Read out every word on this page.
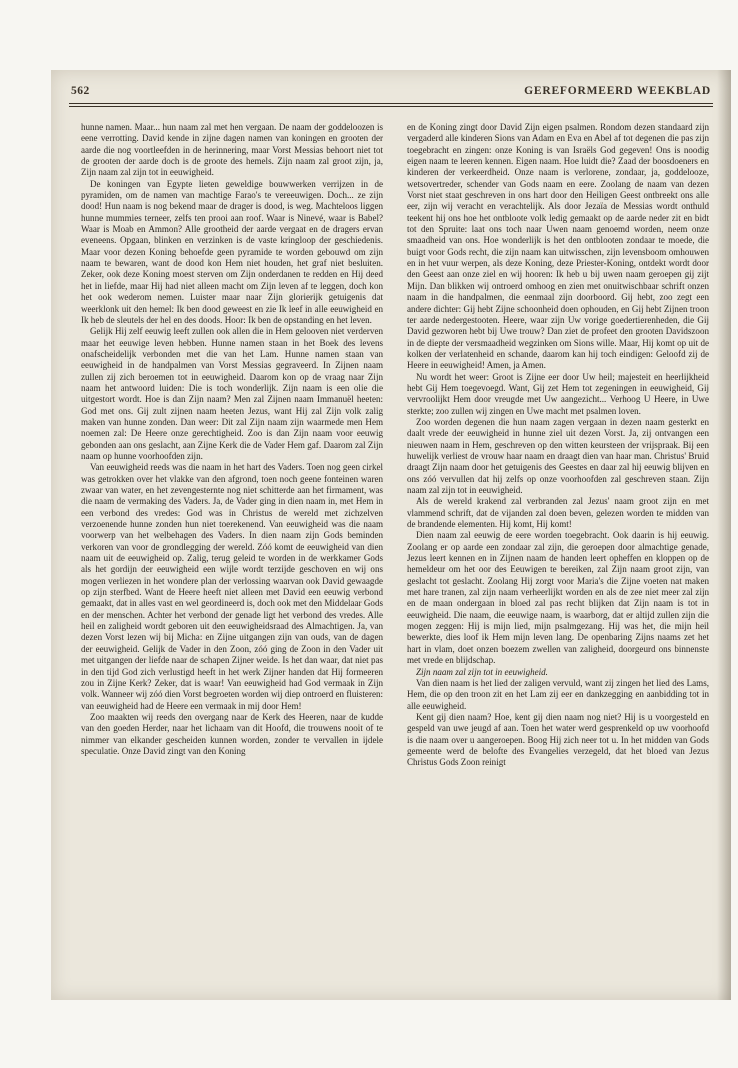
562	GEREFORMEERD WEEKBLAD

hunne namen. Maar... hun naam zal met hen vergaan. De naam der goddeloozen is eene verrotting. David kende in zijne dagen namen van koningen en grooten der aarde die nog voortleefden in de herinnering, maar Vorst Messias behoort niet tot de grooten der aarde doch is de groote des hemels. Zijn naam zal groot zijn, ja, Zijn naam zal zijn tot in eeuwigheid.

De koningen van Egypte lieten geweldige bouwwerken verrijzen in de pyramiden, om de namen van machtige Farao's te vereeuwigen. Doch... ze zijn dood! Hun naam is nog bekend maar de drager is dood, is weg. Machteloos liggen hunne mummies terneer, zelfs ten prooi aan roof. Waar is Ninevé, waar is Babel? Waar is Moab en Ammon? Alle grootheid der aarde vergaat en de dragers ervan eveneens. Opgaan, blinken en verzinken is de vaste kringloop der geschiedenis. Maar voor dezen Koning behoefde geen pyramide te worden gebouwd om zijn naam te bewaren, want de dood kon Hem niet houden, het graf niet besluiten. Zeker, ook deze Koning moest sterven om Zijn onderdanen te redden en Hij deed het in liefde, maar Hij had niet alleen macht om Zijn leven af te leggen, doch kon het ook wederom nemen. Luister maar naar Zijn glorierijk getuigenis dat weerklonk uit den hemel: Ik ben dood geweest en zie Ik leef in alle eeuwigheid en Ik heb de sleutels der hel en des doods. Hoor: Ik ben de opstanding en het leven.

Gelijk Hij zelf eeuwig leeft zullen ook allen die in Hem gelooven niet verderven maar het eeuwige leven hebben. Hunne namen staan in het Boek des levens onafscheidelijk verbonden met die van het Lam. Hunne namen staan van eeuwigheid in de handpalmen van Vorst Messias gegraveerd. In Zijnen naam zullen zij zich beroemen tot in eeuwigheid. Daarom kon op de vraag naar Zijn naam het antwoord luiden: Die is toch wonderlijk. Zijn naam is een olie die uitgestort wordt. Hoe is dan Zijn naam? Men zal Zijnen naam Immanuël heeten: God met ons. Gij zult zijnen naam heeten Jezus, want Hij zal Zijn volk zalig maken van hunne zonden. Dan weer: Dit zal Zijn naam zijn waarmede men Hem noemen zal: De Heere onze gerechtigheid. Zoo is dan Zijn naam voor eeuwig gebonden aan ons geslacht, aan Zijne Kerk die de Vader Hem gaf. Daarom zal Zijn naam op hunne voorhoofden zijn.

Van eeuwigheid reeds was die naam in het hart des Vaders. Toen nog geen cirkel was getrokken over het vlakke van den afgrond, toen noch geene fonteinen waren zwaar van water, en het zevengesternte nog niet schitterde aan het firmament, was die naam de vermaking des Vaders. Ja, de Vader ging in dien naam in, met Hem in een verbond des vredes: God was in Christus de wereld met zichzelven verzoenende hunne zonden hun niet toerekenend. Van eeuwigheid was die naam voorwerp van het welbehagen des Vaders. In dien naam zijn Gods beminden verkoren van voor de grondlegging der wereld. Zóó komt de eeuwigheid van dien naam uit de eeuwigheid op. Zalig, terug geleid te worden in de werkkamer Gods als het gordijn der eeuwigheid een wijle wordt terzijde geschoven en wij ons mogen verliezen in het wondere plan der verlossing waarvan ook David gewaagde op zijn sterfbed. Want de Heere heeft niet alleen met David een eeuwig verbond gemaakt, dat in alles vast en wel geordineerd is, doch ook met den Middelaar Gods en der menschen. Achter het verbond der genade ligt het verbond des vredes. Alle heil en zaligheid wordt geboren uit den eeuwigheidsraad des Almachtigen. Ja, van dezen Vorst lezen wij bij Micha: en Zijne uitgangen zijn van ouds, van de dagen der eeuwigheid. Gelijk de Vader in den Zoon, zóó ging de Zoon in den Vader uit met uitgangen der liefde naar de schapen Zijner weide. Is het dan waar, dat niet pas in den tijd God zich verlustigd heeft in het werk Zijner handen dat Hij formeeren zou in Zijne Kerk? Zeker, dat is waar! Van eeuwigheid had God vermaak in Zijn volk. Wanneer wij zóó dien Vorst begroeten worden wij diep ontroerd en fluisteren: van eeuwigheid had de Heere een vermaak in mij door Hem!

Zoo maakten wij reeds den overgang naar de Kerk des Heeren, naar de kudde van den goeden Herder, naar het lichaam van dit Hoofd, die trouwens nooit of te nimmer van elkander gescheiden kunnen worden, zonder te vervallen in ijdele speculatie. Onze David zingt van den Koning

en de Koning zingt door David Zijn eigen psalmen. Rondom dezen standaard zijn vergaderd alle kinderen Sions van Adam en Eva en Abel af tot degenen die pas zijn toegebracht en zingen: onze Koning is van Israëls God gegeven! Ons is noodig eigen naam te leeren kennen. Eigen naam. Hoe luidt die? Zaad der boosdoeners en kinderen der verkeerdheid. Onze naam is verlorene, zondaar, ja, goddelooze, wetsovertreder, schender van Gods naam en eere. Zoolang de naam van dezen Vorst niet staat geschreven in ons hart door den Heiligen Geest ontbreekt ons alle eer, zijn wij veracht en verachtelijk. Als door Jezaïa de Messias wordt onthuld teekent hij ons hoe het ontbloote volk ledig gemaakt op de aarde neder zit en bidt tot den Spruite: laat ons toch naar Uwen naam genoemd worden, neem onze smaadheid van ons. Hoe wonderlijk is het den ontblooten zondaar te moede, die buigt voor Gods recht, die zijn naam kan uitwisschen, zijn levensboom omhouwen en in het vuur werpen, als deze Koning, deze Priester-Koning, ontdekt wordt door den Geest aan onze ziel en wij hooren: Ik heb u bij uwen naam geroepen gij zijt Mijn. Dan blikken wij ontroerd omhoog en zien met onuitwischbaar schrift onzen naam in die handpalmen, die eenmaal zijn doorboord. Gij hebt, zoo zegt een andere dichter: Gij hebt Zijne schoonheid doen ophouden, en Gij hebt Zijnen troon ter aarde nedergestooten. Heere, waar zijn Uw vorige goedertierenheden, die Gij David gezworen hebt bij Uwe trouw? Dan ziet de profeet den grooten Davidszoon in de diepte der versmaadheid wegzinken om Sions wille. Maar, Hij komt op uit de kolken der verlatenheid en schande, daarom kan hij toch eindigen: Geloofd zij de Heere in eeuwigheid! Amen, ja Amen.

Nu wordt het weer: Groot is Zijne eer door Uw heil; majesteit en heerlijkheid hebt Gij Hem toegevoegd. Want, Gij zet Hem tot zegeningen in eeuwigheid, Gij vervroolijkt Hem door vreugde met Uw aangezicht... Verhoog U Heere, in Uwe sterkte; zoo zullen wij zingen en Uwe macht met psalmen loven.

Zoo worden degenen die hun naam zagen vergaan in dezen naam gesterkt en daalt vrede der eeuwigheid in hunne ziel uit dezen Vorst. Ja, zij ontvangen een nieuwen naam in Hem, geschreven op den witten keursteen der vrijspraak. Bij een huwelijk verliest de vrouw haar naam en draagt dien van haar man. Christus' Bruid draagt Zijn naam door het getuigenis des Geestes en daar zal hij eeuwig blijven en ons zóó vervullen dat hij zelfs op onze voorhoofden zal geschreven staan. Zijn naam zal zijn tot in eeuwigheid.

Als de wereld krakend zal verbranden zal Jezus' naam groot zijn en met vlammend schrift, dat de vijanden zal doen beven, gelezen worden te midden van de brandende elementen. Hij komt, Hij komt!

Dien naam zal eeuwig de eere worden toegebracht. Ook daarin is hij eeuwig. Zoolang er op aarde een zondaar zal zijn, die geroepen door almachtige genade, Jezus leert kennen en in Zijnen naam de handen leert opheffen en kloppen op de hemeldeur om het oor des Eeuwigen te bereiken, zal Zijn naam groot zijn, van geslacht tot geslacht. Zoolang Hij zorgt voor Maria's die Zijne voeten nat maken met hare tranen, zal zijn naam verheerlijkt worden en als de zee niet meer zal zijn en de maan ondergaan in bloed zal pas recht blijken dat Zijn naam is tot in eeuwigheid. Die naam, die eeuwige naam, is waarborg, dat er altijd zullen zijn die mogen zeggen: Hij is mijn lied, mijn psalmgezang. Hij was het, die mijn heil bewerkte, dies loof ik Hem mijn leven lang. De openbaring Zijns naams zet het hart in vlam, doet onzen boezem zwellen van zaligheid, doorgeurd ons binnenste met vrede en blijdschap.

Zijn naam zal zijn tot in eeuwigheid.

Van dien naam is het lied der zaligen vervuld, want zij zingen het lied des Lams, Hem, die op den troon zit en het Lam zij eer en dankzegging en aanbidding tot in alle eeuwigheid.

Kent gij dien naam? Hoe, kent gij dien naam nog niet? Hij is u voorgesteld en gespeld van uwe jeugd af aan. Toen het water werd gesprenkeld op uw voorhoofd is die naam over u aangeroepen. Boog Hij zich neer tot u. In het midden van Gods gemeente werd de belofte des Evangelies verzegeld, dat het bloed van Jezus Christus Gods Zoon reinigt
